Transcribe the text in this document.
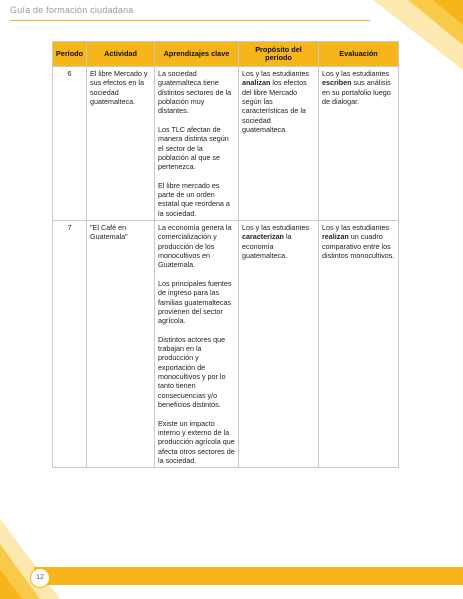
Guía de formación ciudadana
Período	Actividad	Aprendizajes clave	Propósito del período	Evaluación
6	El libre Mercado y sus efectos en la sociedad guatemalteca.	La sociedad guatemalteca tiene distintos sectores de la población muy distantes.
Los TLC afectan de manera distinta según el sector de la población al que se pertenezca.
El libre mercado es parte de un orden estatal que reordena a la sociedad.	Los y las estudiantes analizan los efectos del libre Mercado según las características de la sociedad guatemalteca.	Los y las estudiantes escriben sus análisis en su portafolio luego de dialogar.
7	"El Café en Guatemala"	La economía genera la comercialización y producción de los monocultivos en Guatemala.
Los principales fuentes de ingreso para las familias guatemaltecas provienen del sector agrícola.
Distintos actores que trabajan en la producción y exportación de monocultivos y por lo tanto tienen consecuencias y/o beneficios distintos.
Existe un impacto interno y externo de la producción agrícola que afecta otros sectores de la sociedad.	Los y las estudiantes caracterizan la economía guatemalteca.	Los y las estudiantes realizan un cuadro comparativo entre los distintos monocultivos.
12
